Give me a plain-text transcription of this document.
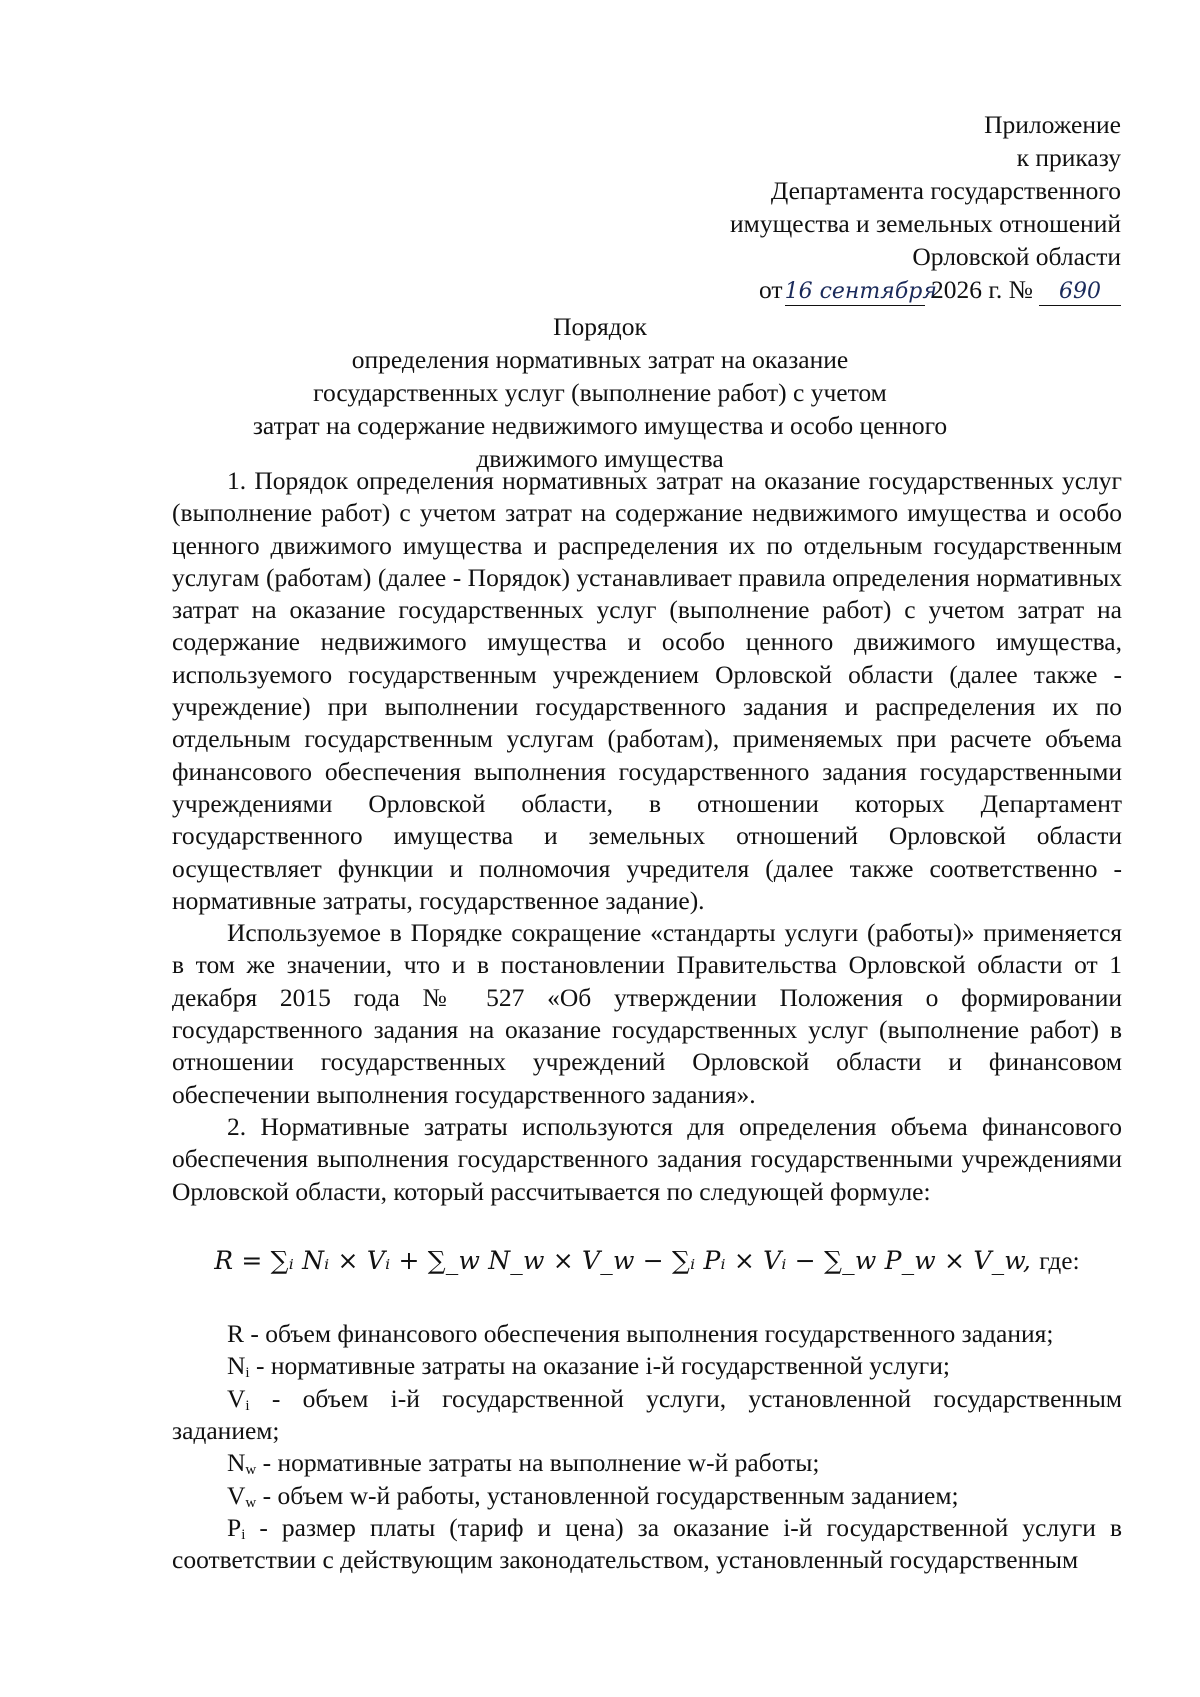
Приложение
к приказу
Департамента государственного
имущества и земельных отношений
Орловской области
от16 сентября 2026 г. № 690
Порядок
определения нормативных затрат на оказание
государственных услуг (выполнение работ) с учетом
затрат на содержание недвижимого имущества и особо ценного
движимого имущества

1. Порядок определения нормативных затрат на оказание государственных услуг (выполнение работ) с учетом затрат на содержание недвижимого имущества и особо ценного движимого имущества и распределения их по отдельным государственным услугам (работам) (далее - Порядок) устанавливает правила определения нормативных затрат на оказание государственных услуг (выполнение работ) с учетом затрат на содержание недвижимого имущества и особо ценного движимого имущества, используемого государственным учреждением Орловской области (далее также - учреждение) при выполнении государственного задания и распределения их по отдельным государственным услугам (работам), применяемых при расчете объема финансового обеспечения выполнения государственного задания государственными учреждениями Орловской области, в отношении которых Департамент государственного имущества и земельных отношений Орловской области осуществляет функции и полномочия учредителя (далее также соответственно - нормативные затраты, государственное задание).

Используемое в Порядке сокращение «стандарты услуги (работы)» применяется в том же значении, что и в постановлении Правительства Орловской области от 1 декабря 2015 года № 527 «Об утверждении Положения о формировании государственного задания на оказание государственных услуг (выполнение работ) в отношении государственных учреждений Орловской области и финансовом обеспечении выполнения государственного задания».

2. Нормативные затраты используются для определения объема финансового обеспечения выполнения государственного задания государственными учреждениями Орловской области, который рассчитывается по следующей формуле:

R = ∑ᵢ Nᵢ × Vᵢ + ∑_w N_w × V_w − ∑ᵢ Pᵢ × Vᵢ − ∑_w P_w × V_w, где:

R - объем финансового обеспечения выполнения государственного задания;

$N_i$ - нормативные затраты на оказание i-й государственной услуги;

$V_i$ - объем i-й государственной услуги, установленной государственным заданием;

$N_w$ - нормативные затраты на выполнение w-й работы;

$V_w$ - объем w-й работы, установленной государственным заданием;

$P_i$ - размер платы (тариф и цена) за оказание i-й государственной услуги в соответствии с действующим законодательством, установленный государственным
